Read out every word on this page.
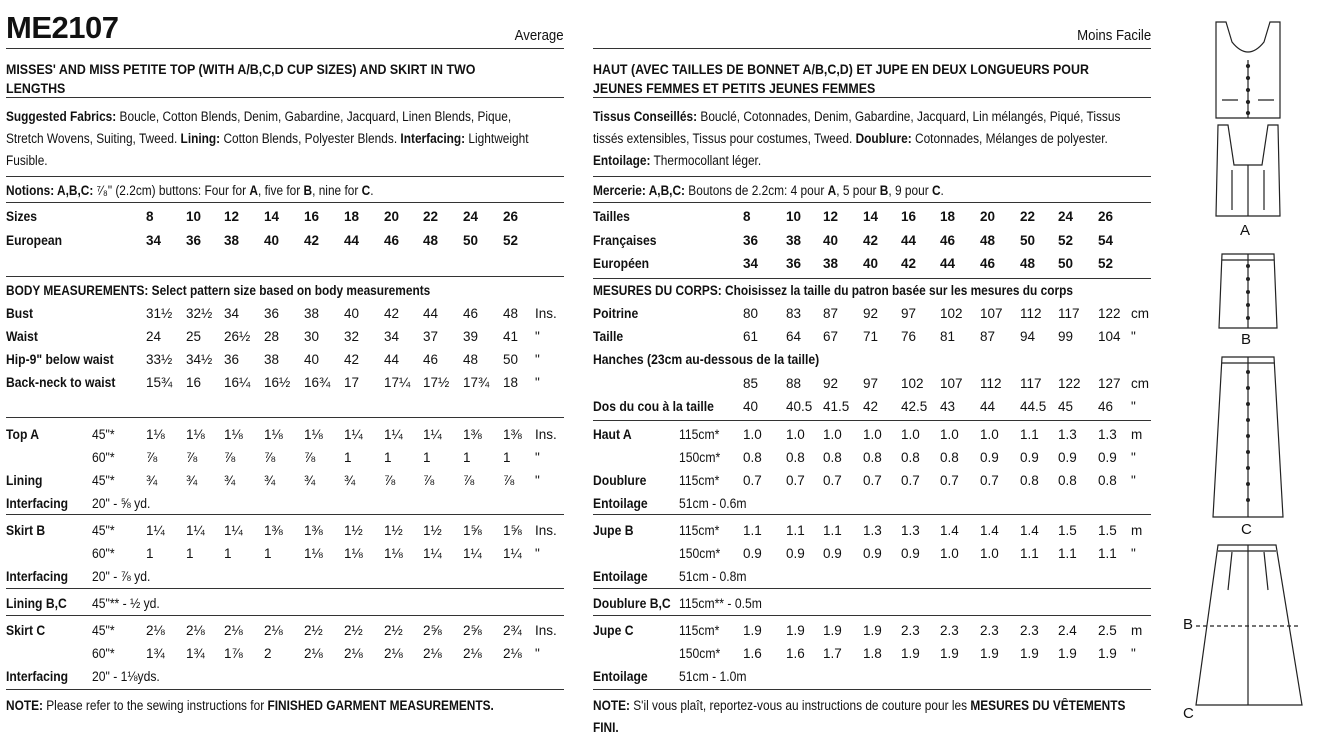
ME2107	Average
MISSES' AND MISS PETITE TOP (WITH A/B,C,D CUP SIZES) AND SKIRT IN TWO LENGTHS
Suggested Fabrics: Boucle, Cotton Blends, Denim, Gabardine, Jacquard, Linen Blends, Pique, Stretch Wovens, Suiting, Tweed. Lining: Cotton Blends, Polyester Blends. Interfacing: Lightweight Fusible.
Notions: A,B,C: ⁷⁄₈" (2.2cm) buttons: Four for A, five for B, nine for C.
Sizes	8 10 12 14 16 18 20 22 24 26
European	34 36 38 40 42 44 46 48 50 52
Bust	31½ 32½ 34 36 38 40 42 44 46 48 Ins.
Waist	24 25 26½ 28 30 32 34 37 39 41 "
Hip-9" below waist 33½ 34½ 36 38 40 42 44 46 48 50 "
Back-neck to waist 15¾ 16 16¼ 16½ 16¾ 17 17¼ 17½ 17¾ 18 "
Top A	45"* 1⅛ 1⅛ 1⅛ 1⅛ 1⅛ 1¼ 1¼ 1¼ 1⅜ 1⅜ Ins.
60"* ⅞ ⅞ ⅞ ⅞ ⅞ 1 1 1 1 1 "
Lining	45"* ¾ ¾ ¾ ¾ ¾ ¾ ⅞ ⅞ ⅞ ⅞ "
Interfacing 20" - ⅝ yd.
Skirt B	45"* 1¼ 1¼ 1¼ 1⅜ 1⅜ 1½ 1½ 1½ 1⅝ 1⅝ Ins.
60"* 1 1 1 1 1⅛ 1⅛ 1⅛ 1¼ 1¼ 1¼ "
Interfacing 20" - ⅞ yd.
Lining B,C 45"** - ½ yd.
Skirt C	45"* 2⅛ 2⅛ 2⅛ 2⅛ 2½ 2½ 2½ 2⅝ 2⅝ 2¾ Ins.
60"* 1¾ 1¾ 1⅞ 2 2⅛ 2⅛ 2⅛ 2⅛ 2⅛ 2⅛ "
Interfacing 20" - 1⅛yds.
BODY MEASUREMENTS: Select pattern size based on body measurements
NOTE: Please refer to the sewing instructions for FINISHED GARMENT MEASUREMENTS.
Moins Facile
HAUT (AVEC TAILLES DE BONNET A/B,C,D) ET JUPE EN DEUX LONGUEURS POUR JEUNES FEMMES ET PETITS JEUNES FEMMES
Tissus Conseillés: Bouclé, Cotonnades, Denim, Gabardine, Jacquard, Lin mélangés, Piqué, Tissus tissés extensibles, Tissus pour costumes, Tweed. Doublure: Cotonnades, Mélanges de polyester.
Entoilage: Thermocollant léger.
Mercerie: A,B,C: Boutons de 2.2cm: 4 pour A, 5 pour B, 9 pour C.
Tailles	8	10 12 14 16 18 20 22 24 26
Françaises	36 38 40 42 44 46 48 50 52 54
Européen	34 36 38 40 42 44 46 48 50 52
Poitrine	80 83 87 92 97 102 107 112 117 122 cm
Taille	61 64 67 71 76 81 87 94 99 104 "
Hanches (23cm au-dessous de la taille)
85 88 92 97 102 107 112 117 122 127 cm
Dos du cou à la taille 40 40.5 41.5 42 42.5 43 44 44.5 45 46 "
Haut A	115cm* 1.0 1.0 1.0 1.0 1.0 1.0 1.0 1.1 1.3 1.3 m
150cm* 0.8 0.8 0.8 0.8 0.8 0.8 0.9 0.9 0.9 0.9 "
Doublure 115cm* 0.7 0.7 0.7 0.7 0.7 0.7 0.7 0.8 0.8 0.8 "
Entoilage 51cm - 0.6m
Jupe B	115cm* 1.1 1.1 1.1 1.3 1.3 1.4 1.4 1.4 1.5 1.5 m
150cm* 0.9 0.9 0.9 0.9 0.9 1.0 1.0 1.1 1.1 1.1 "
Entoilage 51cm - 0.8m
Doublure B,C 115cm** - 0.5m
Jupe C	115cm* 1.9 1.9 1.9 1.9 2.3 2.3 2.3 2.3 2.4 2.5 m
150cm* 1.6 1.6 1.7 1.8 1.9 1.9 1.9 1.9 1.9 1.9 "
Entoilage 51cm - 1.0m
MESURES DU CORPS: Choisissez la taille du patron basée sur les mesures du corps
NOTE: S'il vous plaît, reportez-vous au instructions de couture pour les MESURES DU VÊTEMENTS FINI.
A
B
C
B
C
